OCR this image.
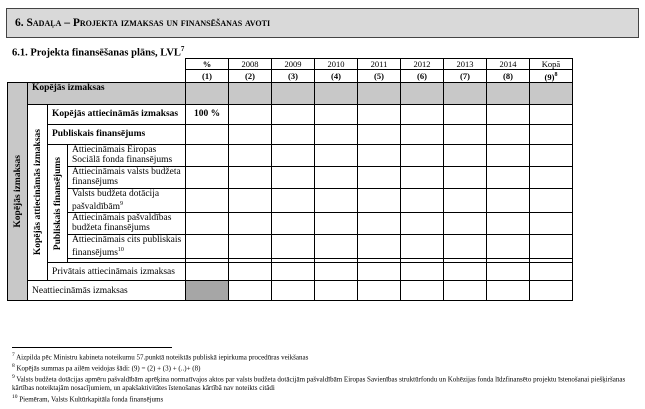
6. Sadaļa –
Projekta izmaksas un finansēšanas avoti
6.1. Projekta finansēšanas plāns, LVL$^7$
				%	2008	2009	2010	2011	2012	2013	2014	Kopā
				(1)	(2)	(3)	(4)	(5)	(6)	(7)	(8)	$(9)^8$

Kopējās izmaksas	Kopējās izmaksas											

	Kopējās attiecināmās izmaksas	Kopējās attiecināmās izmaksas		100 %								
		Publiskais finansējums										

		Publiskais finansējums	Attiecināmais Eiropas Sociālā fonda finansējums									
			Attiecināmais valsts budžeta finansējums									
			Valsts budžeta dotācija pašvaldībām$^9$									
			Attiecināmais pašvaldības budžeta finansējums									
			Attiecināmais cits publiskais finansējums$^{10}$									

		Privātais attiecināmais izmaksas										
	Neattiecināmās izmaksas											
$^7$ Aizpilda pēc Ministru kabineta noteikumu 57.punktā noteiktās publiskā iepirkuma procedūras veikšanas
$^8$ Kopējās summas pa ailēm veidojas šādi: (9) = (2) + (3) + (..)+ (8)
$^9$ Valsts budžeta dotācijas apmēru pašvaldībām aprēķina normatīvajos aktos par valsts budžeta dotācijām pašvaldībām Eiropas Savienības struktūrfondu un Kohēzijas fonda līdzfinansēto projektu īstenošanai piešķiršanas kārtības noteiktajām nosacījumiem, un apakšaktivitātes īstenošanas kārtībā nav noteikts citādi
$^{10}$ Piemēram, Valsts Kultūrkapitāla fonda finansējums
